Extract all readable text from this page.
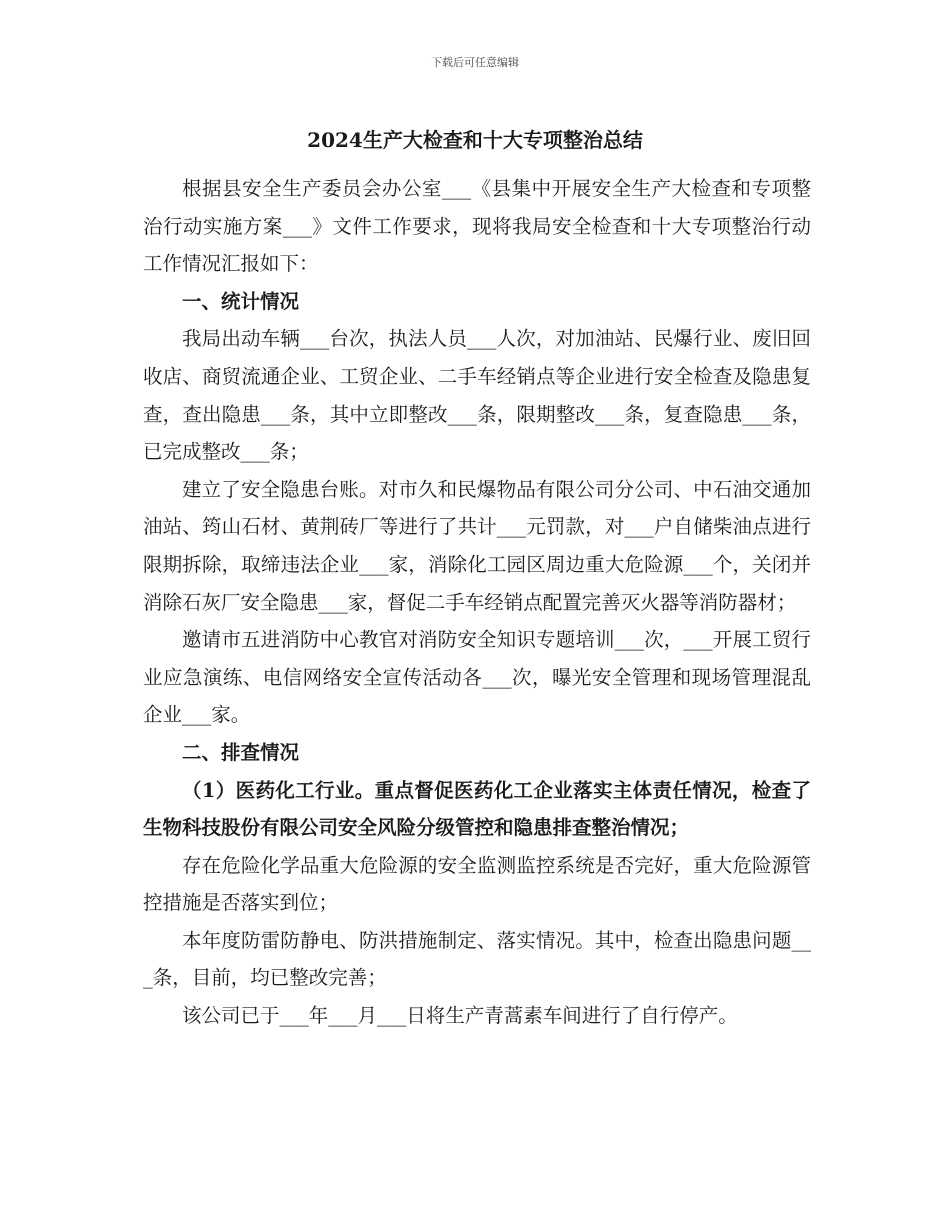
下载后可任意编辑
2024生产大检查和十大专项整治总结

根据县安全生产委员会办公室___《县集中开展安全生产大检查和专项整治行动实施方案___》文件工作要求，现将我局安全检查和十大专项整治行动工作情况汇报如下：

一、统计情况

我局出动车辆___台次，执法人员___人次，对加油站、民爆行业、废旧回收店、商贸流通企业、工贸企业、二手车经销点等企业进行安全检查及隐患复查，查出隐患___条，其中立即整改___条，限期整改___条，复查隐患___条，已完成整改___条；

建立了安全隐患台账。对市久和民爆物品有限公司分公司、中石油交通加油站、筠山石材、黄荆砖厂等进行了共计___元罚款，对___户自储柴油点进行限期拆除，取缔违法企业___家，消除化工园区周边重大危险源___个，关闭并消除石灰厂安全隐患___家，督促二手车经销点配置完善灭火器等消防器材；

邀请市五进消防中心教官对消防安全知识专题培训___次，___开展工贸行业应急演练、电信网络安全宣传活动各___次，曝光安全管理和现场管理混乱企业___家。

二、排查情况

（1）医药化工行业。重点督促医药化工企业落实主体责任情况，检查了生物科技股份有限公司安全风险分级管控和隐患排查整治情况；

存在危险化学品重大危险源的安全监测监控系统是否完好，重大危险源管控措施是否落实到位；

本年度防雷防静电、防洪措施制定、落实情况。其中，检查出隐患问题___条，目前，均已整改完善；

该公司已于___年___月___日将生产青蒿素车间进行了自行停产。
